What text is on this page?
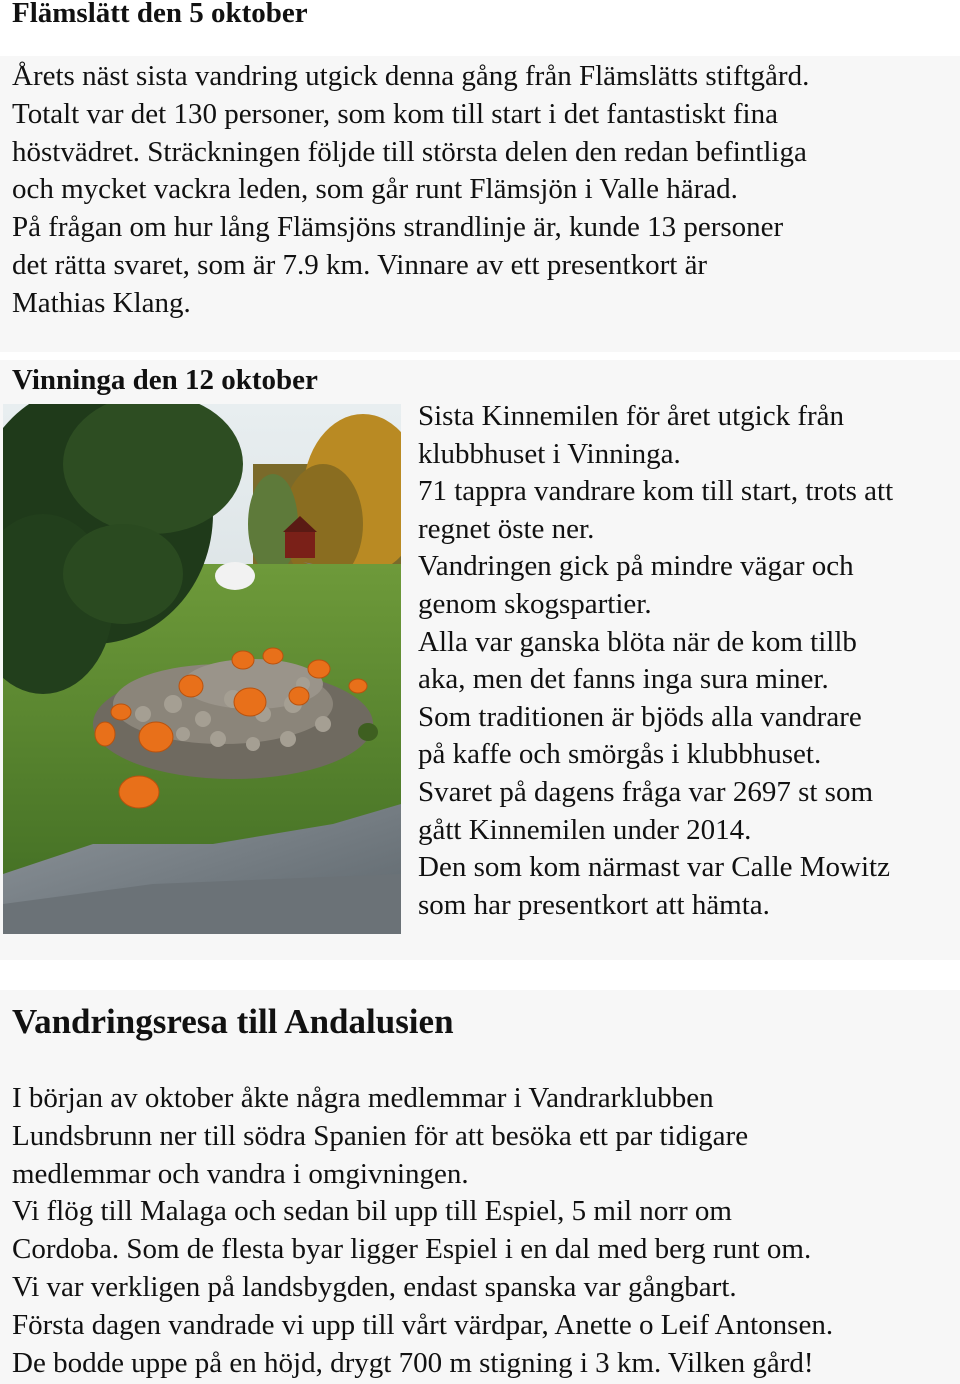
Flämslätt den 5 oktober
Årets näst sista vandring utgick denna gång från Flämslätts stiftgård.
Totalt var det 130 personer, som kom till start i det fantastiskt fina
höstvädret. Sträckningen följde till största delen den redan befintliga
och mycket vackra leden, som går runt Flämsjön i Valle härad.
På frågan om hur lång Flämsjöns strandlinje är, kunde 13 personer
det rätta svaret, som är 7.9 km. Vinnare av ett presentkort är
Mathias Klang.
Vinninga den 12 oktober
Sista Kinnemilen för året utgick från
klubbhuset i Vinninga.
71 tappra vandrare kom till start, trots att
regnet öste ner.
Vandringen gick på mindre vägar och
genom skogspartier.
Alla var ganska blöta när de kom tillb
aka, men det fanns inga sura miner.
Som traditionen är bjöds alla vandrare
på kaffe och smörgås i klubbhuset.
Svaret på dagens fråga var 2697 st som
gått Kinnemilen under 2014.
Den som kom närmast var Calle Mowitz
som har presentkort att hämta.
Vandringsresa till Andalusien
I början av oktober åkte några medlemmar i Vandrarklubben
Lundsbrunn ner till södra Spanien för att besöka ett par tidigare
medlemmar och vandra i omgivningen.
Vi flög till Malaga och sedan bil upp till Espiel, 5 mil norr om
Cordoba. Som de flesta byar ligger Espiel i en dal med berg runt om.
Vi var verkligen på landsbygden, endast spanska var gångbart.
Första dagen vandrade vi upp till vårt värdpar, Anette o Leif Antonsen.
De bodde uppe på en höjd, drygt 700 m stigning i 3 km. Vilken gård!
